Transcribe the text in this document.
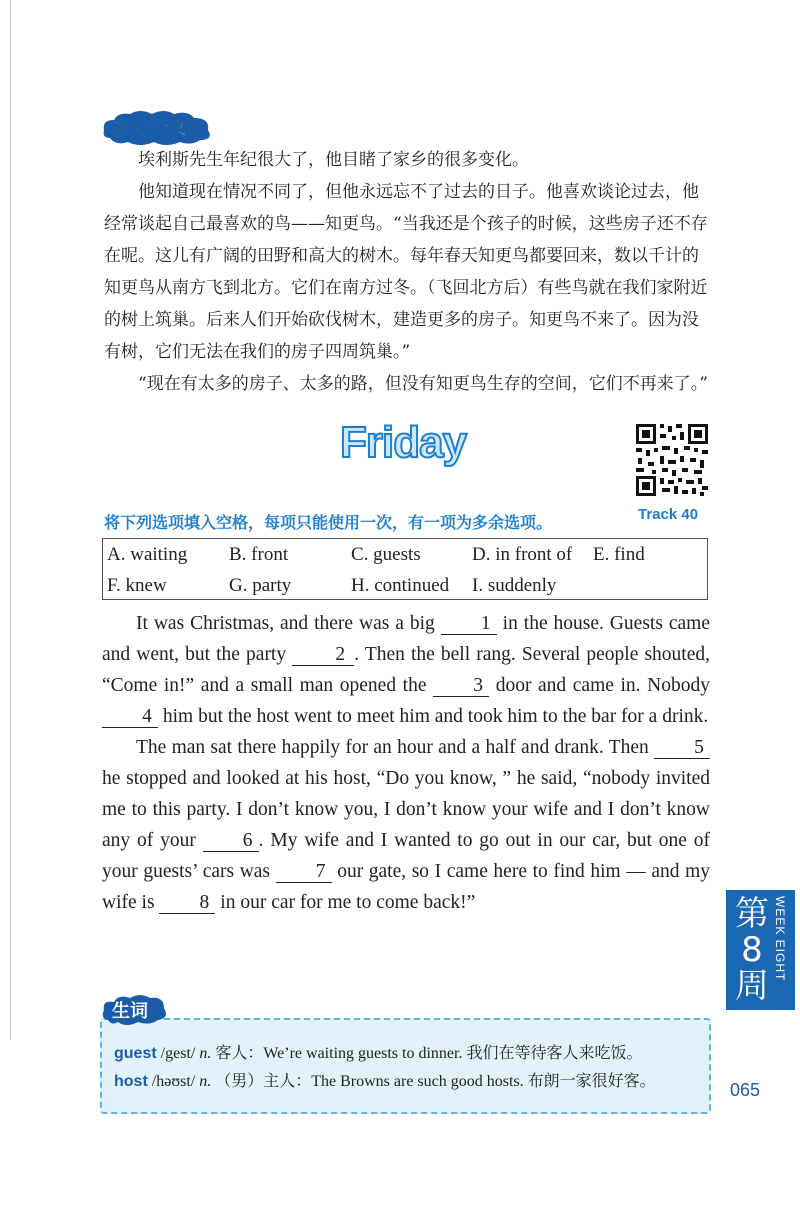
参考译文

埃利斯先生年纪很大了，他目睹了家乡的很多变化。

他知道现在情况不同了，但他永远忘不了过去的日子。他喜欢谈论过去，他经常谈起自己最喜欢的鸟——知更鸟。“当我还是个孩子的时候，这些房子还不存在呢。这儿有广阔的田野和高大的树木。每年春天知更鸟都要回来，数以千计的知更鸟从南方飞到北方。它们在南方过冬。（飞回北方后）有些鸟就在我们家附近的树上筑巢。后来人们开始砍伐树木，建造更多的房子。知更鸟不来了。因为没有树，它们无法在我们的房子四周筑巢。”

“现在有太多的房子、太多的路，但没有知更鸟生存的空间，它们不再来了。”

Friday
Track 40
将下列选项填入空格，每项只能使用一次，有一项为多余选项。
A. waiting B. front	C. guests	D. in front of E. find
F. knew	G. party	H. continued I. suddenly

It was Christmas, and there was a big 1 in the house. Guests came and went, but the party 2 . Then the bell rang. Several people shouted, “Come in!” and a small man opened the 3 door and came in. Nobody 4 him but the host went to meet him and took him to the bar for a drink.

The man sat there happily for an hour and a half and drank. Then 5 he stopped and looked at his host, “Do you know, ” he said, “nobody invited me to this party. I don’t know you, I don’t know your wife and I don’t know any of your 6 . My wife and I wanted to go out in our car, but one of your guests’ cars was 7 our gate, so I came here to find him — and my wife is 8 in our car for me to come back!”	第8周
WEEK EIGHT
guest /gest/ n. 客人：We’re waiting guests to dinner. 我们在等待客人来吃饭。
host /həʊst/ n. （男）主人：The Browns are such good hosts. 布朗一家很好客。
生词
065
